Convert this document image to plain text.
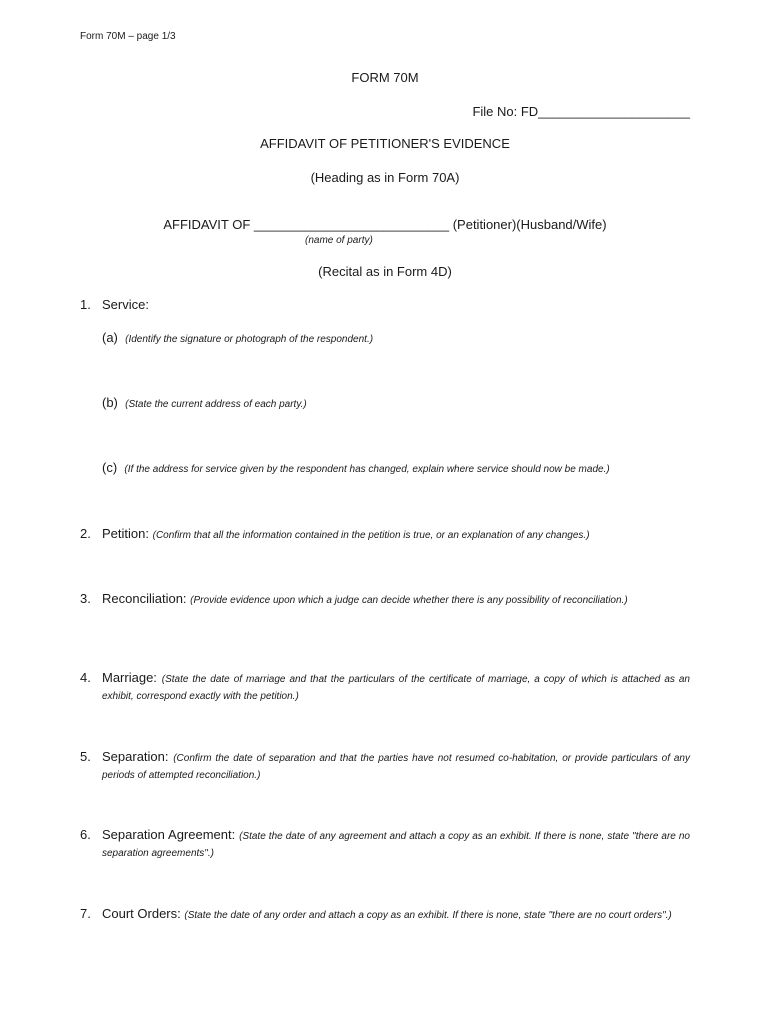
Form 70M – page 1/3
FORM 70M
File No: FD_____________________
AFFIDAVIT OF PETITIONER'S EVIDENCE
(Heading as in Form 70A)
AFFIDAVIT OF ___________________________ (Petitioner)(Husband/Wife)
(name of party)
(Recital as in Form 4D)
1. Service:
(a) (Identify the signature or photograph of the respondent.)
(b) (State the current address of each party.)
(c) (If the address for service given by the respondent has changed, explain where service should now be made.)
2. Petition: (Confirm that all the information contained in the petition is true, or an explanation of any changes.)
3. Reconciliation: (Provide evidence upon which a judge can decide whether there is any possibility of reconciliation.)
4. Marriage: (State the date of marriage and that the particulars of the certificate of marriage, a copy of which is attached as an exhibit, correspond exactly with the petition.)
5. Separation: (Confirm the date of separation and that the parties have not resumed co-habitation, or provide particulars of any periods of attempted reconciliation.)
6. Separation Agreement: (State the date of any agreement and attach a copy as an exhibit. If there is none, state "there are no separation agreements".)
7. Court Orders: (State the date of any order and attach a copy as an exhibit. If there is none, state "there are no court orders".)
